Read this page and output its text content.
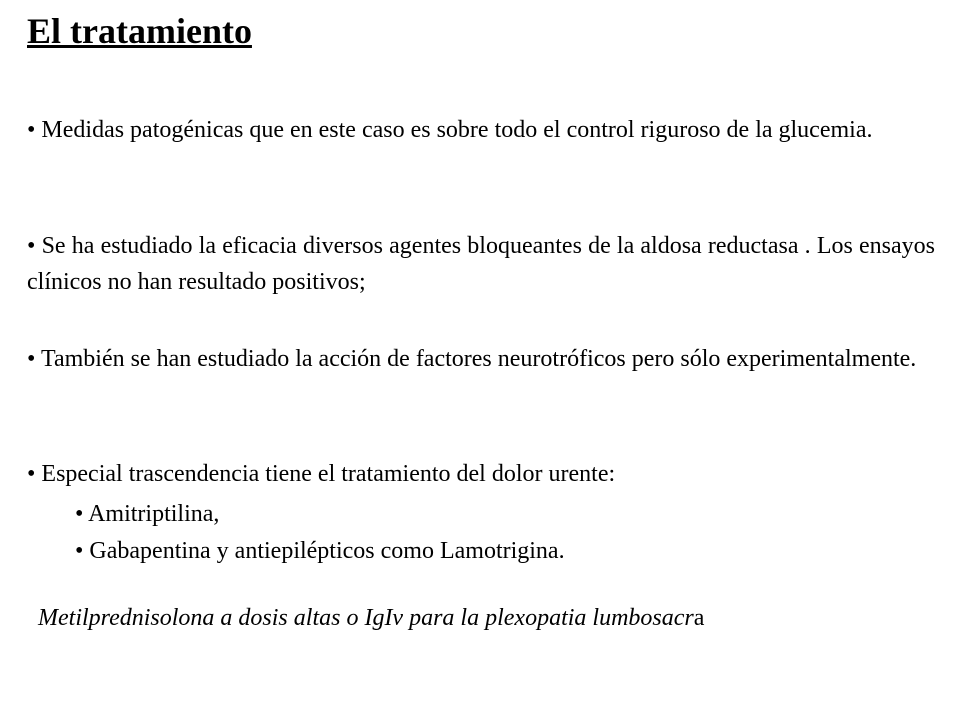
El tratamiento
• Medidas patogénicas que en este caso es sobre todo el control riguroso de la glucemia.
• Se ha estudiado la eficacia diversos agentes bloqueantes de la aldosa reductasa . Los ensayos clínicos no han resultado positivos;
• También se han estudiado la acción de factores neurotróficos pero sólo experimentalmente.
• Especial trascendencia tiene el tratamiento del dolor urente:
• Amitriptilina,
• Gabapentina y antiepilépticos como Lamotrigina.
Metilprednisolona a dosis altas o IgIv para la plexopatia lumbosacra
